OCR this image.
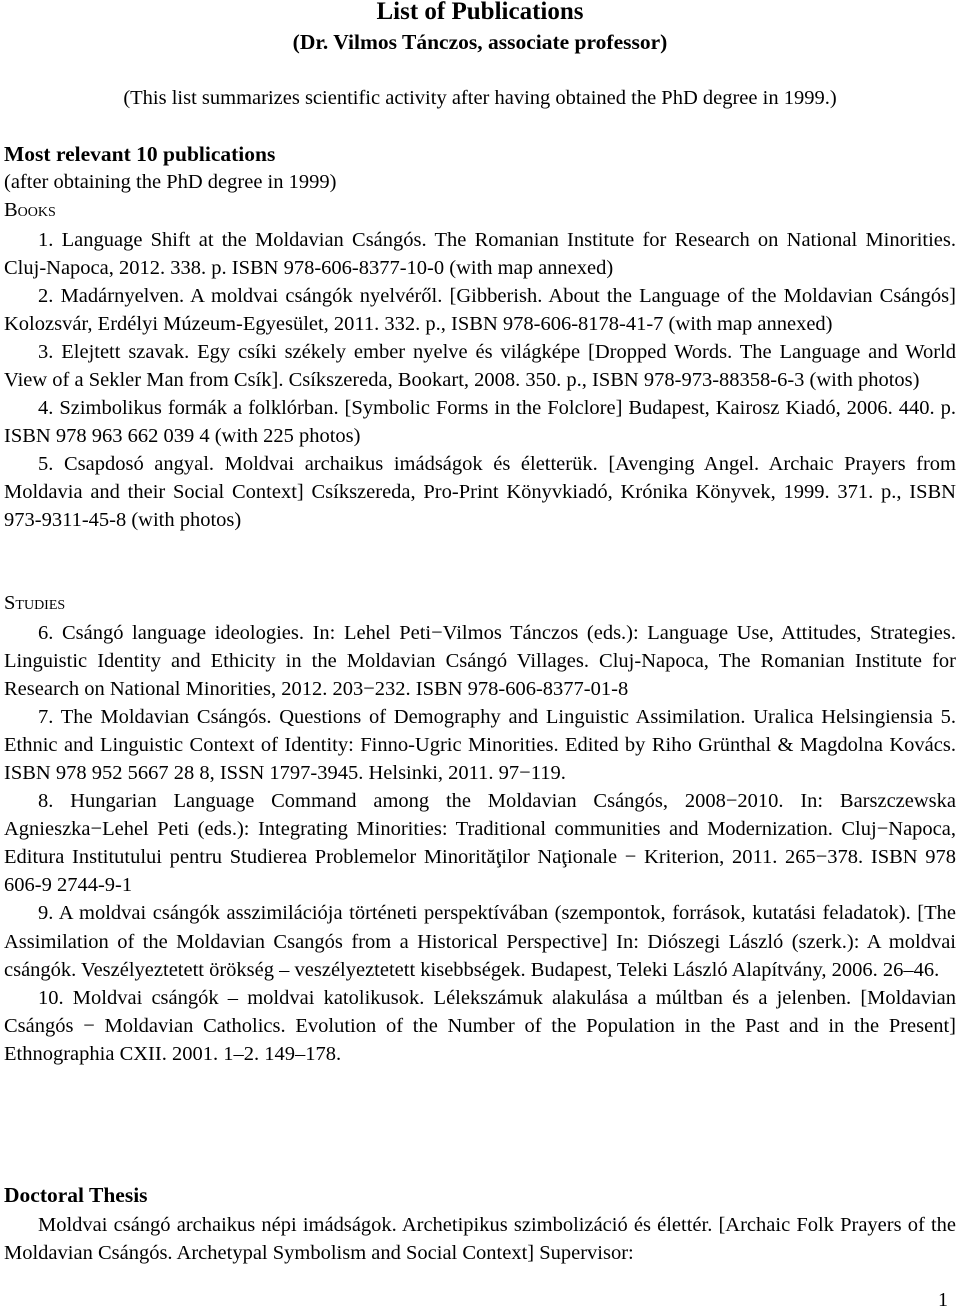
List of Publications
(Dr. Vilmos Tánczos, associate professor)
(This list summarizes scientific activity after having obtained the PhD degree in 1999.)
Most relevant 10 publications
(after obtaining the PhD degree in 1999)
Books

1. Language Shift at the Moldavian Csángós. The Romanian Institute for Research on National Minorities. Cluj-Napoca, 2012. 338. p. ISBN 978-606-8377-10-0 (with map annexed)

2. Madárnyelven. A moldvai csángók nyelvéről. [Gibberish. About the Language of the Moldavian Csángós] Kolozsvár, Erdélyi Múzeum-Egyesület, 2011. 332. p., ISBN 978-606-8178-41-7 (with map annexed)

3. Elejtett szavak. Egy csíki székely ember nyelve és világképe [Dropped Words. The Language and World View of a Sekler Man from Csík]. Csíkszereda, Bookart, 2008. 350. p., ISBN 978-973-88358-6-3 (with photos)

4. Szimbolikus formák a folklórban. [Symbolic Forms in the Folclore] Budapest, Kairosz Kiadó, 2006. 440. p. ISBN 978 963 662 039 4 (with 225 photos)

5. Csapdosó angyal. Moldvai archaikus imádságok és életterük. [Avenging Angel. Archaic Prayers from Moldavia and their Social Context] Csíkszereda, Pro-Print Könyvkiadó, Krónika Könyvek, 1999. 371. p., ISBN 973-9311-45-8 (with photos)

Studies

6. Csángó language ideologies. In: Lehel Peti−Vilmos Tánczos (eds.): Language Use, Attitudes, Strategies. Linguistic Identity and Ethicity in the Moldavian Csángó Villages. Cluj-Napoca, The Romanian Institute for Research on National Minorities, 2012. 203−232. ISBN 978-606-8377-01-8

7. The Moldavian Csángós. Questions of Demography and Linguistic Assimilation. Uralica Helsingiensia 5. Ethnic and Linguistic Context of Identity: Finno-Ugric Minorities. Edited by Riho Grünthal & Magdolna Kovács. ISBN 978 952 5667 28 8, ISSN 1797-3945. Helsinki, 2011. 97−119.

8. Hungarian Language Command among the Moldavian Csángós, 2008−2010. In: Barszczewska Agnieszka−Lehel Peti (eds.): Integrating Minorities: Traditional communities and Modernization. Cluj−Napoca, Editura Institutului pentru Studierea Problemelor Minorităţilor Naţionale − Kriterion, 2011. 265−378. ISBN 978 606-9 2744-9-1

9. A moldvai csángók asszimilációja történeti perspektívában (szempontok, források, kutatási feladatok). [The Assimilation of the Moldavian Csangós from a Historical Perspective] In: Diószegi László (szerk.): A moldvai csángók. Veszélyeztetett örökség – veszélyeztetett kisebbségek. Budapest, Teleki László Alapítvány, 2006. 26–46.

10. Moldvai csángók – moldvai katolikusok. Lélekszámuk alakulása a múltban és a jelenben. [Moldavian Csángós − Moldavian Catholics. Evolution of the Number of the Population in the Past and in the Present] Ethnographia CXII. 2001. 1–2. 149–178.

Doctoral Thesis

Moldvai csángó archaikus népi imádságok. Archetipikus szimbolizáció és élettér. [Archaic Folk Prayers of the Moldavian Csángós. Archetypal Symbolism and Social Context] Supervisor:

1
